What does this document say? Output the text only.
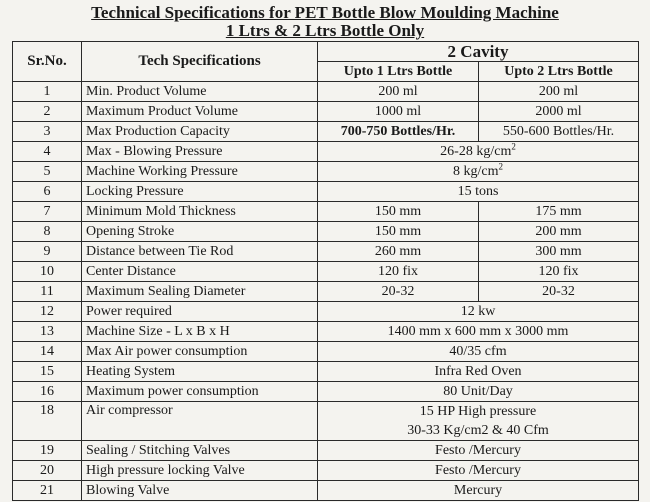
Technical Specifications for PET Bottle Blow Moulding Machine
1 Ltrs & 2 Ltrs Bottle Only
Sr.No.	Tech Specifications	2 Cavity	
		Upto 1 Ltrs Bottle	Upto 2 Ltrs Bottle
1	Min. Product Volume	200 ml	200 ml
2	Maximum Product Volume	1000 ml	2000 ml
3	Max Production Capacity	700-750 Bottles/Hr.	550-600 Bottles/Hr.
4	Max - Blowing Pressure	26-28 $kg/cm^2$
5	Machine Working Pressure	8 $kg/cm^2$
6	Locking Pressure	15 tons	
7	Minimum Mold Thickness	150 mm	175 mm
8	Opening Stroke	150 mm	200 mm
9	Distance between Tie Rod	260 mm	300 mm
10	Center Distance	120 fix	120 fix
11	Maximum Sealing Diameter	20-32	20-32
12	Power required	12 kw	
13	Machine Size - L x B x H	1400 mm x 600 mm x 3000 mm	
14	Max Air power consumption	40/35 cfm	
15	Heating System	Infra Red Oven	
16	Maximum power consumption	80 Unit/Day	
18	Air compressor	15 HP High pressure	
		30-33 Kg/cm2 & 40 Cfm	
19	Sealing / Stitching Valves	Festo /Mercury	
20	High pressure locking Valve	Festo /Mercury	
21	Blowing Valve	Mercury	
